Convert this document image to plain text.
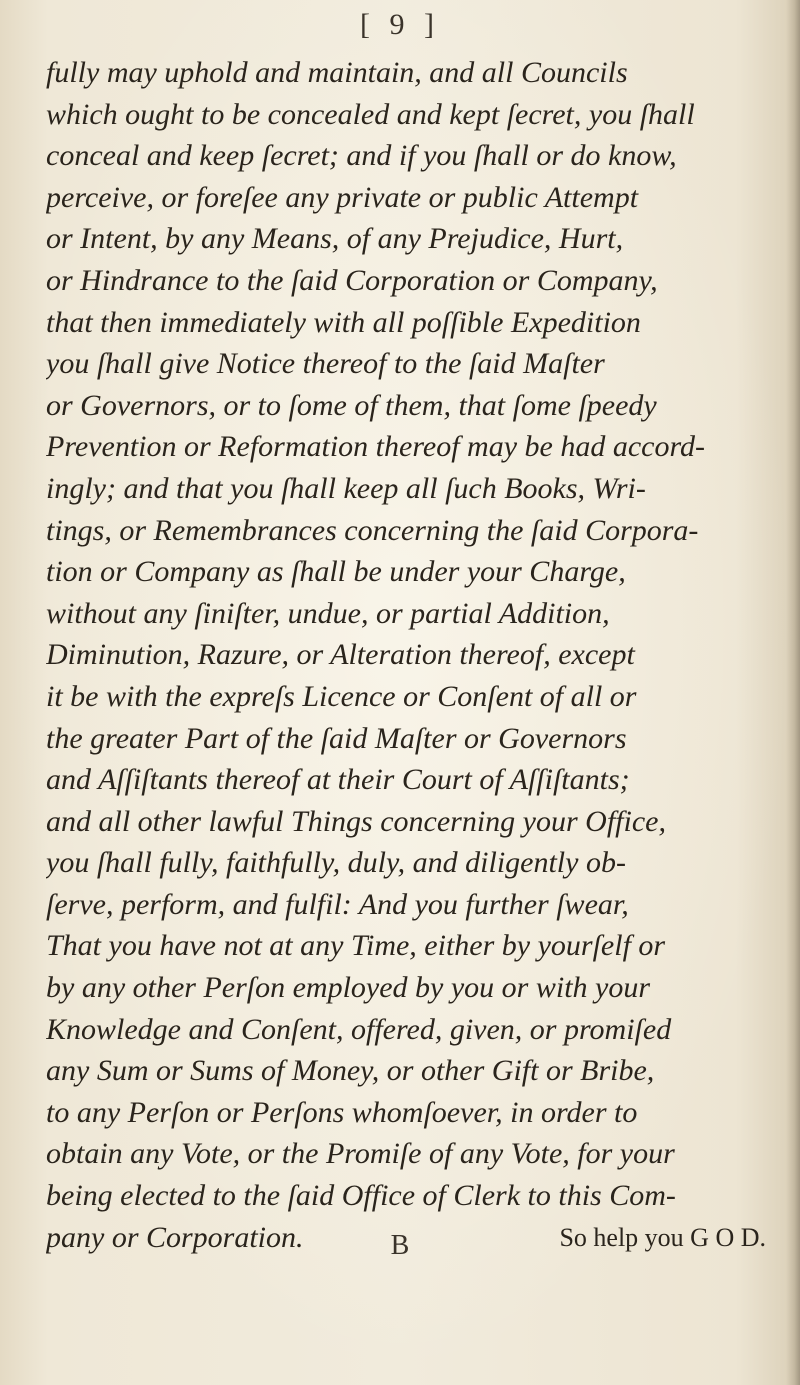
[ 9 ]
fully may uphold and maintain, and all Councils
which ought to be concealed and kept ſecret, you ſhall
conceal and keep ſecret; and if you ſhall or do know,
perceive, or foreſee any private or public Attempt
or Intent, by any Means, of any Prejudice, Hurt,
or Hindrance to the ſaid Corporation or Company,
that then immediately with all poſſible Expedition
you ſhall give Notice thereof to the ſaid Maſter
or Governors, or to ſome of them, that ſome ſpeedy
Prevention or Reformation thereof may be had accord-
ingly; and that you ſhall keep all ſuch Books, Wri-
tings, or Remembrances concerning the ſaid Corpora-
tion or Company as ſhall be under your Charge,
without any ſiniſter, undue, or partial Addition,
Diminution, Razure, or Alteration thereof, except
it be with the expreſs Licence or Conſent of all or
the greater Part of the ſaid Maſter or Governors
and Aſſiſtants thereof at their Court of Aſſiſtants;
and all other lawful Things concerning your Office,
you ſhall fully, faithfully, duly, and diligently ob-
ſerve, perform, and fulfil: And you further ſwear,
That you have not at any Time, either by yourſelf or
by any other Perſon employed by you or with your
Knowledge and Conſent, offered, given, or promiſed
any Sum or Sums of Money, or other Gift or Bribe,
to any Perſon or Perſons whomſoever, in order to
obtain any Vote, or the Promiſe of any Vote, for your
being elected to the ſaid Office of Clerk to this Com-
pany or Corporation.	So help you G O D.
B
